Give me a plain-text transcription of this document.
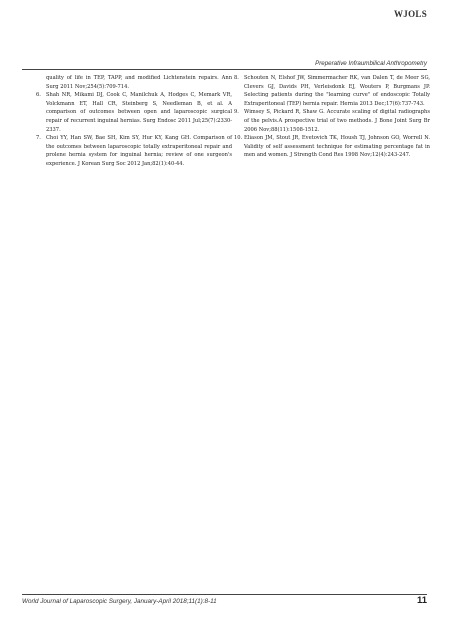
WJOLS
Preperative Infraumbilical Anthropometry

quality of life in TEP, TAPP, and modified Lichtenstein repairs. Ann Surg 2011 Nov;254(5):709-714.

6. Shah NR, Mikami DJ, Cook C, Manilchuk A, Hodges C, Memark VR, Volckmann ET, Hall CR, Steinberg S, Needleman B, et al. A comparison of outcomes between open and laparoscopic surgical repair of recurrent inguinal hernias. Surg Endosc 2011 Jul;25(7):2330-2337.

7. Choi YY, Han SW, Bae SH, Kim SY, Hur KY, Kang GH. Comparison of the outcomes between laparoscopic totally extraperitoneal repair and prolene hernia system for inguinal hernia; review of one surgeon's experience. J Korean Surg Soc 2012 Jan;82(1):40-44.

8. Schouten N, Elshof JW, Simmermacher RK, van Dalen T, de Meer SG, Clevers GJ, Davids PH, Verleisdonk EJ, Wouters P, Burgmans JP. Selecting patients during the "learning curve" of endoscopic Totally Extraperitoneal (TEP) hernia repair. Hernia 2013 Dec;17(6):737-743.

9. Wimsey S, Pickard R, Shaw G. Accurate scaling of digital radiographs of the pelvis.A prospective trial of two methods. J Bone Joint Surg Br 2006 Nov;88(11):1508-1512.

10. Eliason JM, Stout JR, Evetovich TK, Housh TJ, Johnson GO, Worrell N. Validity of self assessment technique for estimating percentage fat in men and women. J Strength Cond Res 1998 Nov;12(4):243-247.

World Journal of Laparoscopic Surgery, January-April 2018;11(1):8-11	11
